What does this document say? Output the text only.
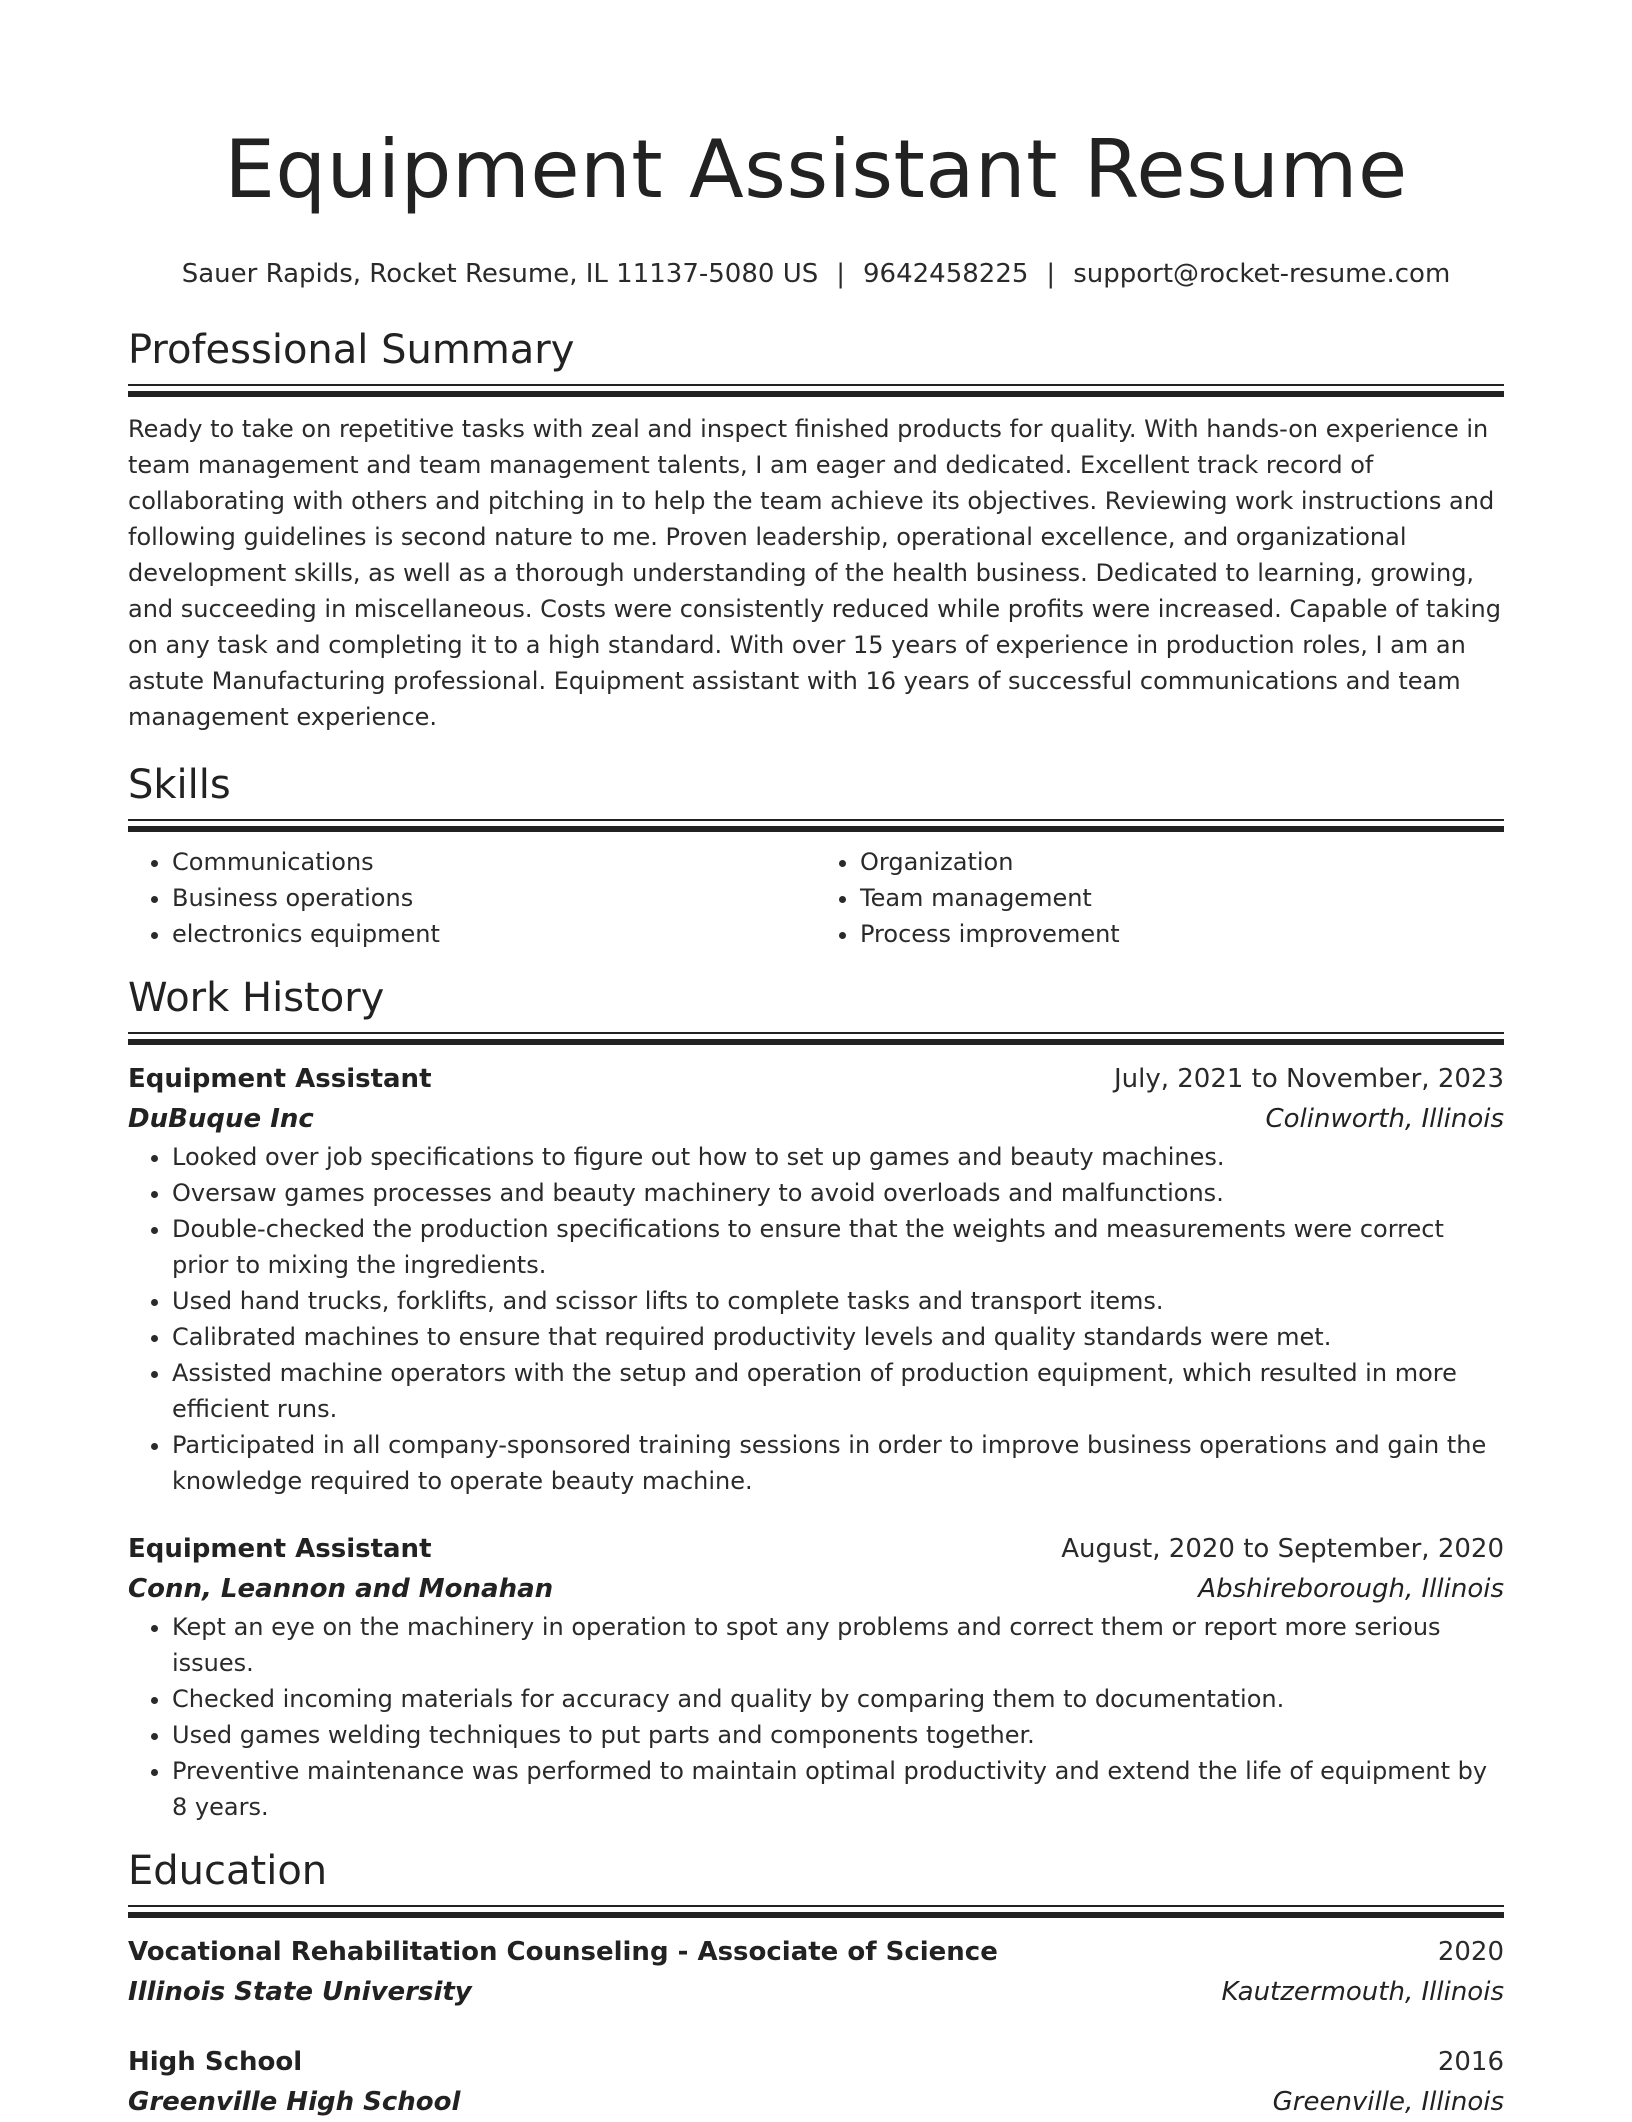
Equipment Assistant Resume
Sauer Rapids, Rocket Resume, IL 11137-5080 US | 9642458225 | support@rocket-resume.com
Professional Summary

Ready to take on repetitive tasks with zeal and inspect finished products for quality. With hands-on experience in team management and team management talents, I am eager and dedicated. Excellent track record of collaborating with others and pitching in to help the team achieve its objectives. Reviewing work instructions and following guidelines is second nature to me. Proven leadership, operational excellence, and organizational development skills, as well as a thorough understanding of the health business. Dedicated to learning, growing, and succeeding in miscellaneous. Costs were consistently reduced while profits were increased. Capable of taking on any task and completing it to a high standard. With over 15 years of experience in production roles, I am an astute Manufacturing professional. Equipment assistant with 16 years of successful communications and team management experience.

Skills
• Communications
• Business operations
• electronics equipment
• Organization
• Team management
• Process improvement
Work History
Equipment Assistant	July, 2021 to November, 2023
DuBuque Inc	Colinworth, Illinois
• Looked over job specifications to figure out how to set up games and beauty machines.
• Oversaw games processes and beauty machinery to avoid overloads and malfunctions.
• Double-checked the production specifications to ensure that the weights and measurements were correct prior to mixing the ingredients.
• Used hand trucks, forklifts, and scissor lifts to complete tasks and transport items.
• Calibrated machines to ensure that required productivity levels and quality standards were met.
• Assisted machine operators with the setup and operation of production equipment, which resulted in more efficient runs.
• Participated in all company-sponsored training sessions in order to improve business operations and gain the knowledge required to operate beauty machine.
Equipment Assistant	August, 2020 to September, 2020
Conn, Leannon and Monahan	Abshireborough, Illinois
• Kept an eye on the machinery in operation to spot any problems and correct them or report more serious issues.
• Checked incoming materials for accuracy and quality by comparing them to documentation.
• Used games welding techniques to put parts and components together.
• Preventive maintenance was performed to maintain optimal productivity and extend the life of equipment by 8 years.
Education
Vocational Rehabilitation Counseling - Associate of Science	2020
Illinois State University	Kautzermouth, Illinois
High School	2016
Greenville High School	Greenville, Illinois
